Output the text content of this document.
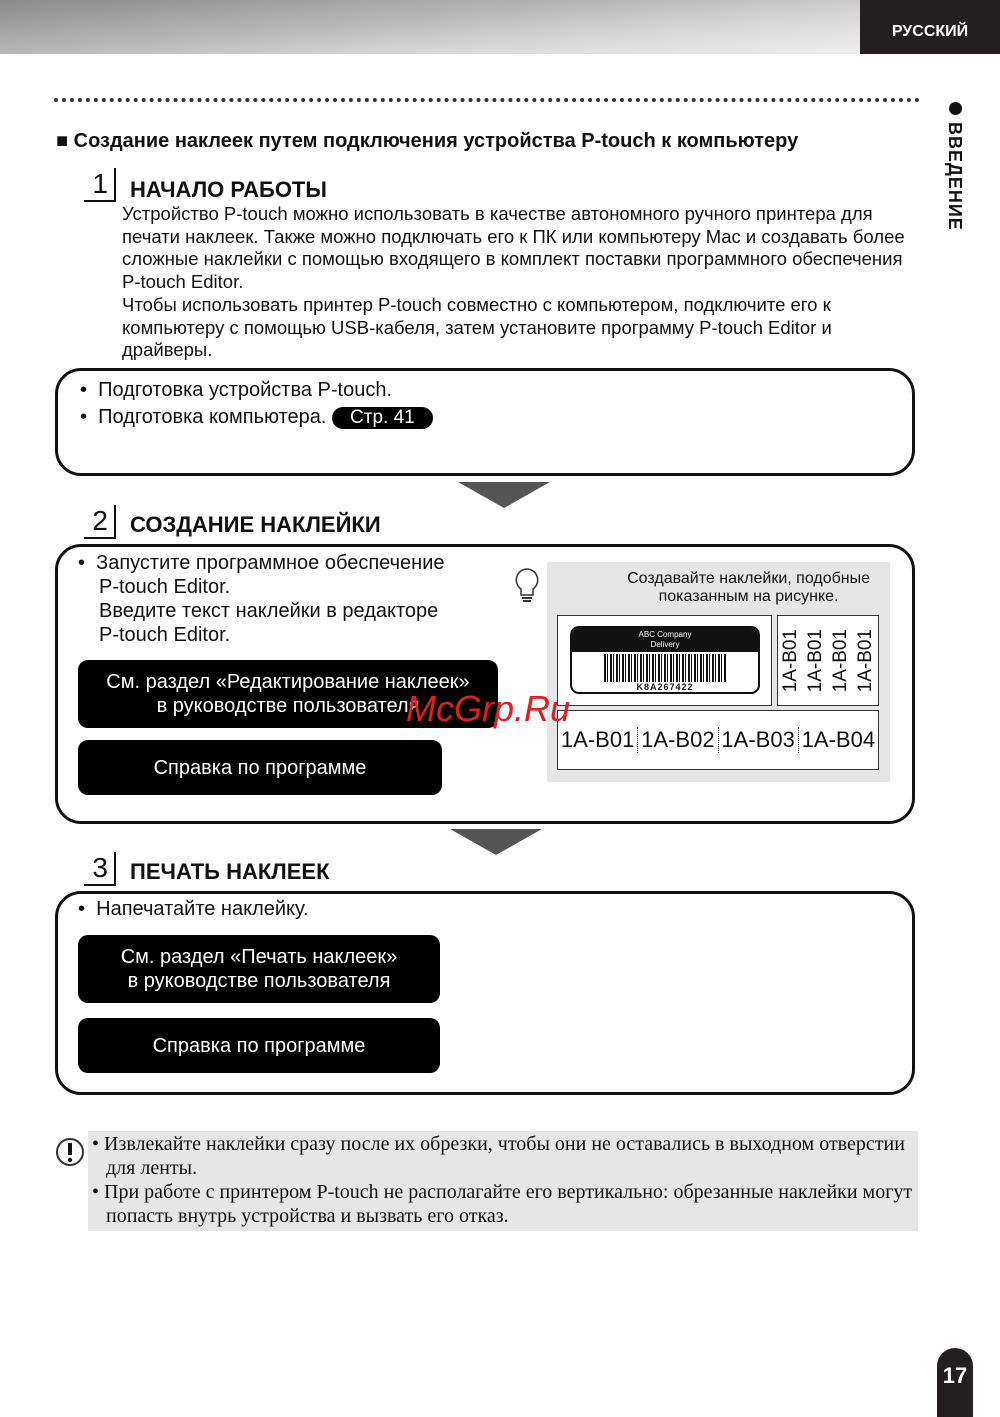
РУССКИЙ
ВВЕДЕНИЕ
■ Создание наклеек путем подключения устройства P-touch к компьютеру
1	НАЧАЛО РАБОТЫ

Устройство P-touch можно использовать в качестве автономного ручного принтера для печати наклеек. Также можно подключать его к ПК или компьютеру Mac и создавать более сложные наклейки с помощью входящего в комплект поставки программного обеспечения P-touch Editor.

Чтобы использовать принтер P-touch совместно с компьютером, подключите его к компьютеру с помощью USB-кабеля, затем установите программу P-touch Editor и драйверы.

•  Подготовка устройства P-touch.
•  Подготовка компьютера. Стр. 41
2	СОЗДАНИЕ НАКЛЕЙКИ
•  Запустите программное обеспечение
P-touch Editor.
Введите текст наклейки в редакторе
P-touch Editor.
См. раздел «Редактирование наклеек»
в руководстве пользователя
Справка по программе
Создавайте наклейки, подобные
показанным на рисунке.
ABC Company
Delivery
K8A267422	1A-B01 1A-B01 1A-B01 1A-B01
1A-B01 1A-B02 1A-B03 1A-B04
McGrp.Ru
3	ПЕЧАТЬ НАКЛЕЕК
•  Напечатайте наклейку.
См. раздел «Печать наклеек»
в руководстве пользователя
Справка по программе
• Извлекайте наклейки сразу после их обрезки, чтобы они не оставались в выходном отверстии для ленты.
• При работе с принтером P-touch не располагайте его вертикально: обрезанные наклейки могут попасть внутрь устройства и вызвать его отказ.
17
